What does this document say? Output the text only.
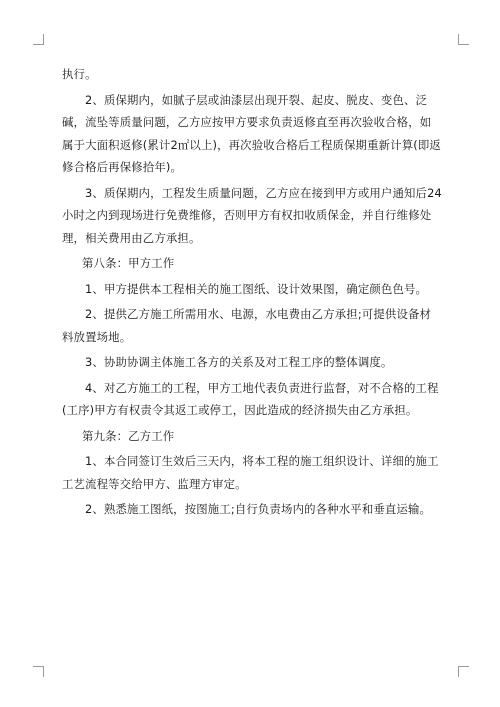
执行。

2、质保期内，如腻子层或油漆层出现开裂、起皮、脱皮、变色、泛碱，流坠等质量问题，乙方应按甲方要求负责返修直至再次验收合格，如属于大面积返修(累计2㎡以上)，再次验收合格后工程质保期重新计算(即返修合格后再保修拾年)。

3、质保期内，工程发生质量问题，乙方应在接到甲方或用户通知后24小时之内到现场进行免费维修，否则甲方有权扣收质保金，并自行维修处理，相关费用由乙方承担。

第八条：甲方工作

1、甲方提供本工程相关的施工图纸、设计效果图，确定颜色色号。

2、提供乙方施工所需用水、电源，水电费由乙方承担;可提供设备材料放置场地。

3、协助协调主体施工各方的关系及对工程工序的整体调度。

4、对乙方施工的工程，甲方工地代表负责进行监督，对不合格的工程(工序)甲方有权责令其返工或停工，因此造成的经济损失由乙方承担。

第九条：乙方工作

1、本合同签订生效后三天内，将本工程的施工组织设计、详细的施工工艺流程等交给甲方、监理方审定。

2、熟悉施工图纸，按图施工;自行负责场内的各种水平和垂直运输。
